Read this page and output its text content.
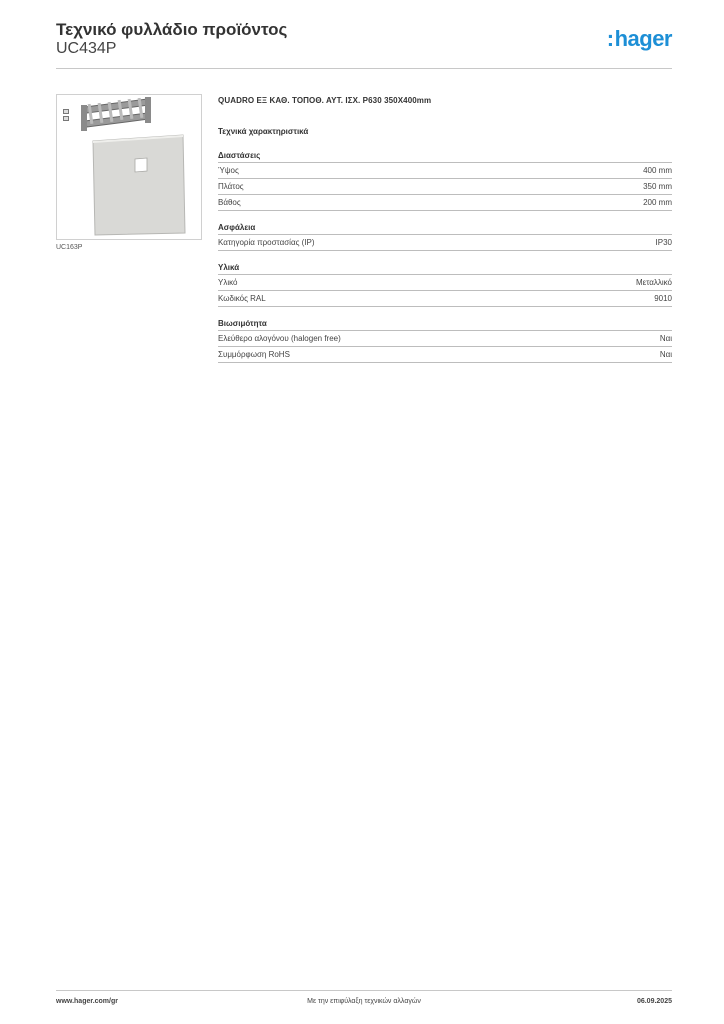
Τεχνικό φυλλάδιο προϊόντος
UC434P	:hager
UC163P
QUADRO ΕΞ ΚΑΘ. ΤΟΠΟΘ. ΑΥΤ. ΙΣΧ. P630 350X400mm
Τεχνικά χαρακτηριστικά
Διαστάσεις
Ύψος	400 mm
Πλάτος	350 mm
Βάθος	200 mm
Ασφάλεια
Κατηγορία προστασίας (IP)	IP30
Υλικά
Υλικό	Μεταλλικό
Κωδικός RAL	9010
Βιωσιμότητα
Ελεύθερο αλογόνου (halogen free)	Ναι
Συμμόρφωση RoHS	Ναι
www.hager.com/gr	Με την επιφύλαξη τεχνικών αλλαγών	06.09.2025
